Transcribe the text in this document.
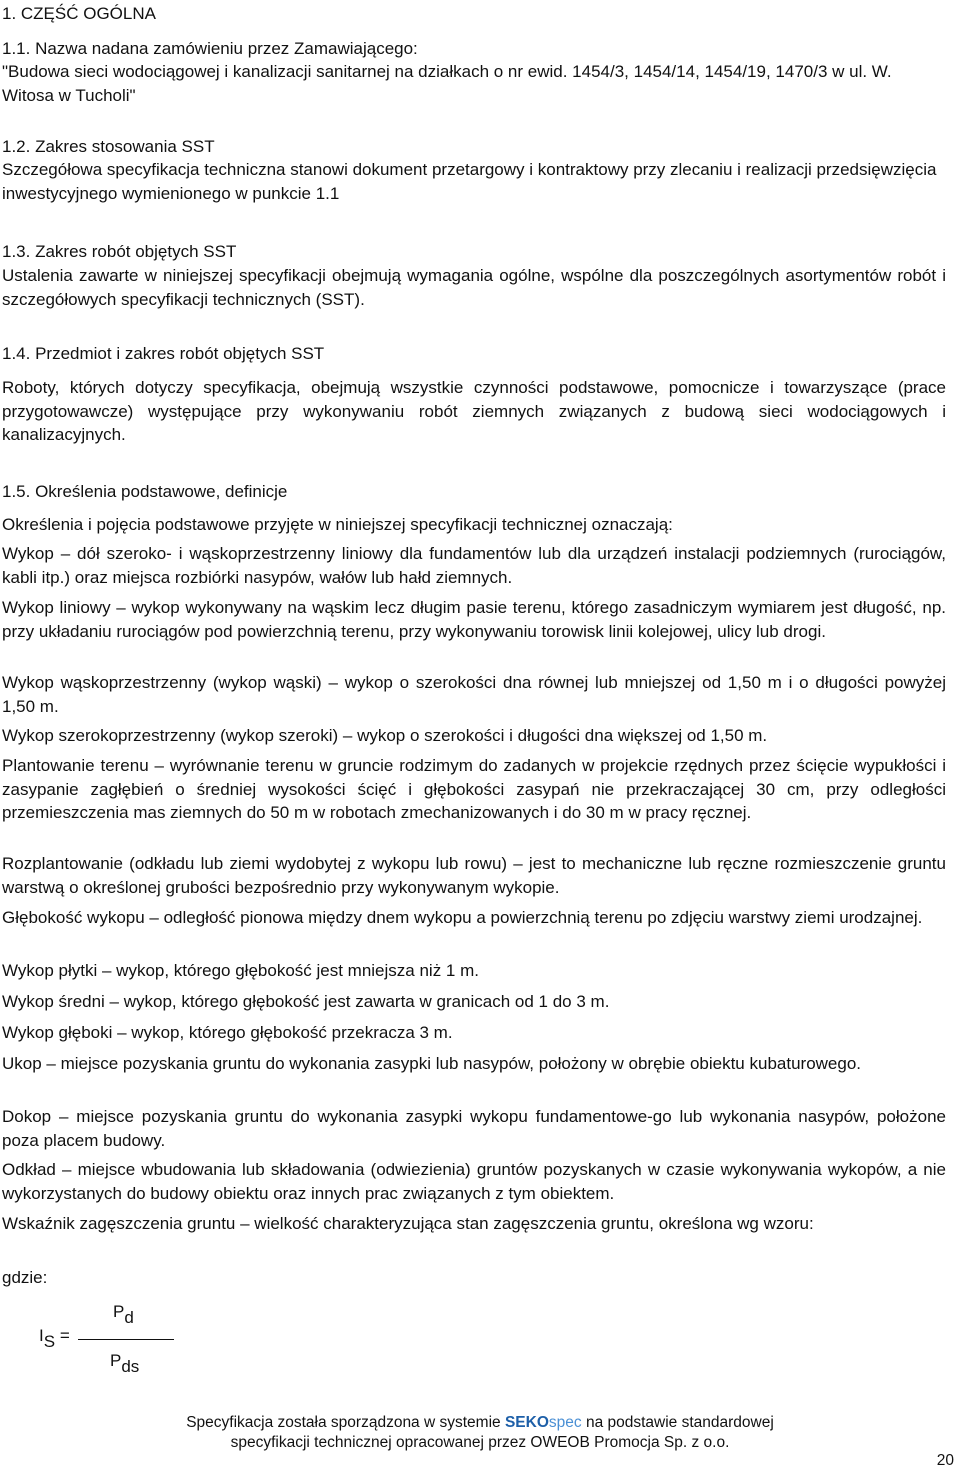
1. CZĘŚĆ OGÓLNA

1.1. Nazwa nadana zamówieniu przez Zamawiającego:

"Budowa sieci wodociągowej i kanalizacji sanitarnej na działkach o nr ewid. 1454/3, 1454/14, 1454/19, 1470/3 w ul. W. Witosa w Tucholi"

1.2. Zakres stosowania SST

Szczegółowa specyfikacja techniczna stanowi dokument przetargowy i kontraktowy przy zlecaniu i realizacji przedsięwzięcia inwestycyjnego wymienionego w punkcie 1.1

1.3. Zakres robót objętych SST

Ustalenia zawarte w niniejszej specyfikacji obejmują wymagania ogólne, wspólne dla poszczególnych asortymentów robót i szczegółowych specyfikacji technicznych (SST).

1.4. Przedmiot i zakres robót objętych SST

Roboty, których dotyczy specyfikacja, obejmują wszystkie czynności podstawowe, pomocnicze i towarzyszące (prace przygotowawcze) występujące przy wykonywaniu robót ziemnych związanych z budową sieci wodociągowych i kanalizacyjnych.

1.5. Określenia podstawowe, definicje

Określenia i pojęcia podstawowe przyjęte w niniejszej specyfikacji technicznej oznaczają:

Wykop – dół szeroko- i wąskoprzestrzenny liniowy dla fundamentów lub dla urządzeń instalacji podziemnych (rurociągów, kabli itp.) oraz miejsca rozbiórki nasypów, wałów lub hałd ziemnych.

Wykop liniowy – wykop wykonywany na wąskim lecz długim pasie terenu, którego zasadniczym wymiarem jest długość, np. przy układaniu rurociągów pod powierzchnią terenu, przy wykonywaniu torowisk linii kolejowej, ulicy lub drogi.

Wykop wąskoprzestrzenny (wykop wąski) – wykop o szerokości dna równej lub mniejszej od 1,50 m i o długości powyżej 1,50 m.

Wykop szerokoprzestrzenny (wykop szeroki) – wykop o szerokości i długości dna większej od 1,50 m.

Plantowanie terenu – wyrównanie terenu w gruncie rodzimym do zadanych w projekcie rzędnych przez ścięcie wypukłości i zasypanie zagłębień o średniej wysokości ścięć i głębokości zasypań nie przekraczającej 30 cm, przy odległości przemieszczenia mas ziemnych do 50 m w robotach zmechanizowanych i do 30 m w pracy ręcznej.

Rozplantowanie (odkładu lub ziemi wydobytej z wykopu lub rowu) – jest to mechaniczne lub ręczne rozmieszczenie gruntu warstwą o określonej grubości bezpośrednio przy wykonywanym wykopie.

Głębokość wykopu – odległość pionowa między dnem wykopu a powierzchnią terenu po zdjęciu warstwy ziemi urodzajnej.

Wykop płytki – wykop, którego głębokość jest mniejsza niż 1 m.

Wykop średni – wykop, którego głębokość jest zawarta w granicach od 1 do 3 m.

Wykop głęboki – wykop, którego głębokość przekracza 3 m.

Ukop – miejsce pozyskania gruntu do wykonania zasypki lub nasypów, położony w obrębie obiektu kubaturowego.

Dokop – miejsce pozyskania gruntu do wykonania zasypki wykopu fundamentowe-go lub wykonania nasypów, położone poza placem budowy.

Odkład – miejsce wbudowania lub składowania (odwiezienia) gruntów pozyskanych w czasie wykonywania wykopów, a nie wykorzystanych do budowy obiektu oraz innych prac związanych z tym obiektem.

Wskaźnik zagęszczenia gruntu – wielkość charakteryzująca stan zagęszczenia gruntu, określona wg wzoru:

gdzie:

IS =
Pd
Pds
Specyfikacja została sporządzona w systemie SEKOspec na podstawie standardowej
specyfikacji technicznej opracowanej przez OWEOB Promocja Sp. z o.o.
20
